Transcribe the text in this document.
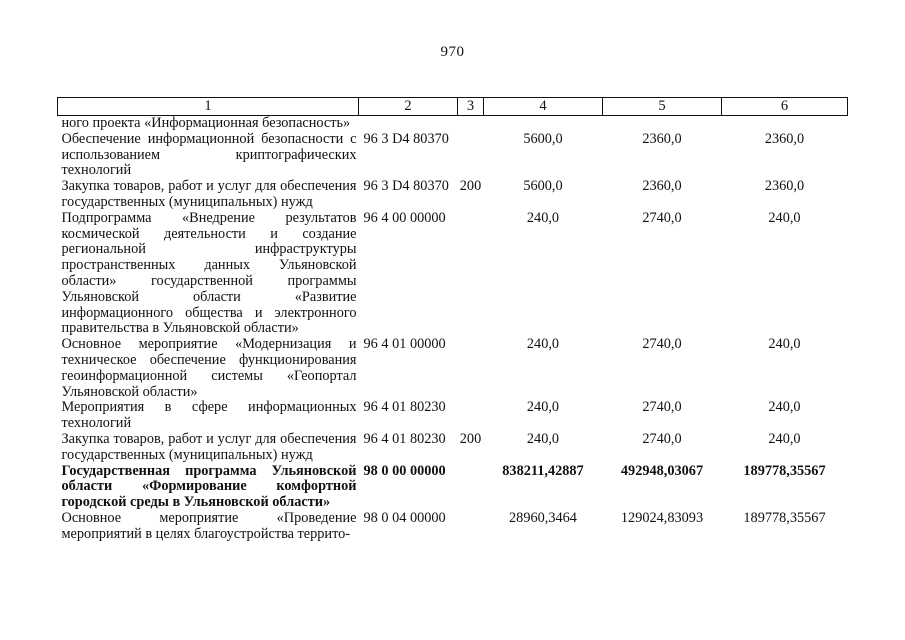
970
1	2	3	4	5	6
ного проекта «Информационная безопасность»					
Обеспечение информационной безопасности с использованием криптографических технологий	96 3 D4 80370		5600,0	2360,0	2360,0
Закупка товаров, работ и услуг для обеспечения государственных (муниципальных) нужд	96 3 D4 80370	200	5600,0	2360,0	2360,0
Подпрограмма «Внедрение результатов космической деятельности и создание региональной инфраструктуры пространственных данных Ульяновской области» государственной программы Ульяновской области «Развитие информационного общества и электронного правительства в Ульяновской области»	96 4 00 00000		240,0	2740,0	240,0
Основное мероприятие «Модернизация и техническое обеспечение функционирования геоинформационной системы «Геопортал Ульяновской области»	96 4 01 00000		240,0	2740,0	240,0
Мероприятия в сфере информационных технологий	96 4 01 80230		240,0	2740,0	240,0
Закупка товаров, работ и услуг для обеспечения государственных (муниципальных) нужд	96 4 01 80230	200	240,0	2740,0	240,0
Государственная программа Ульяновской области «Формирование комфортной городской среды в Ульяновской области»	98 0 00 00000		838211,42887	492948,03067	189778,35567
Основное мероприятие «Проведение мероприятий в целях благоустройства террито-	98 0 04 00000		28960,3464	129024,83093	189778,35567
